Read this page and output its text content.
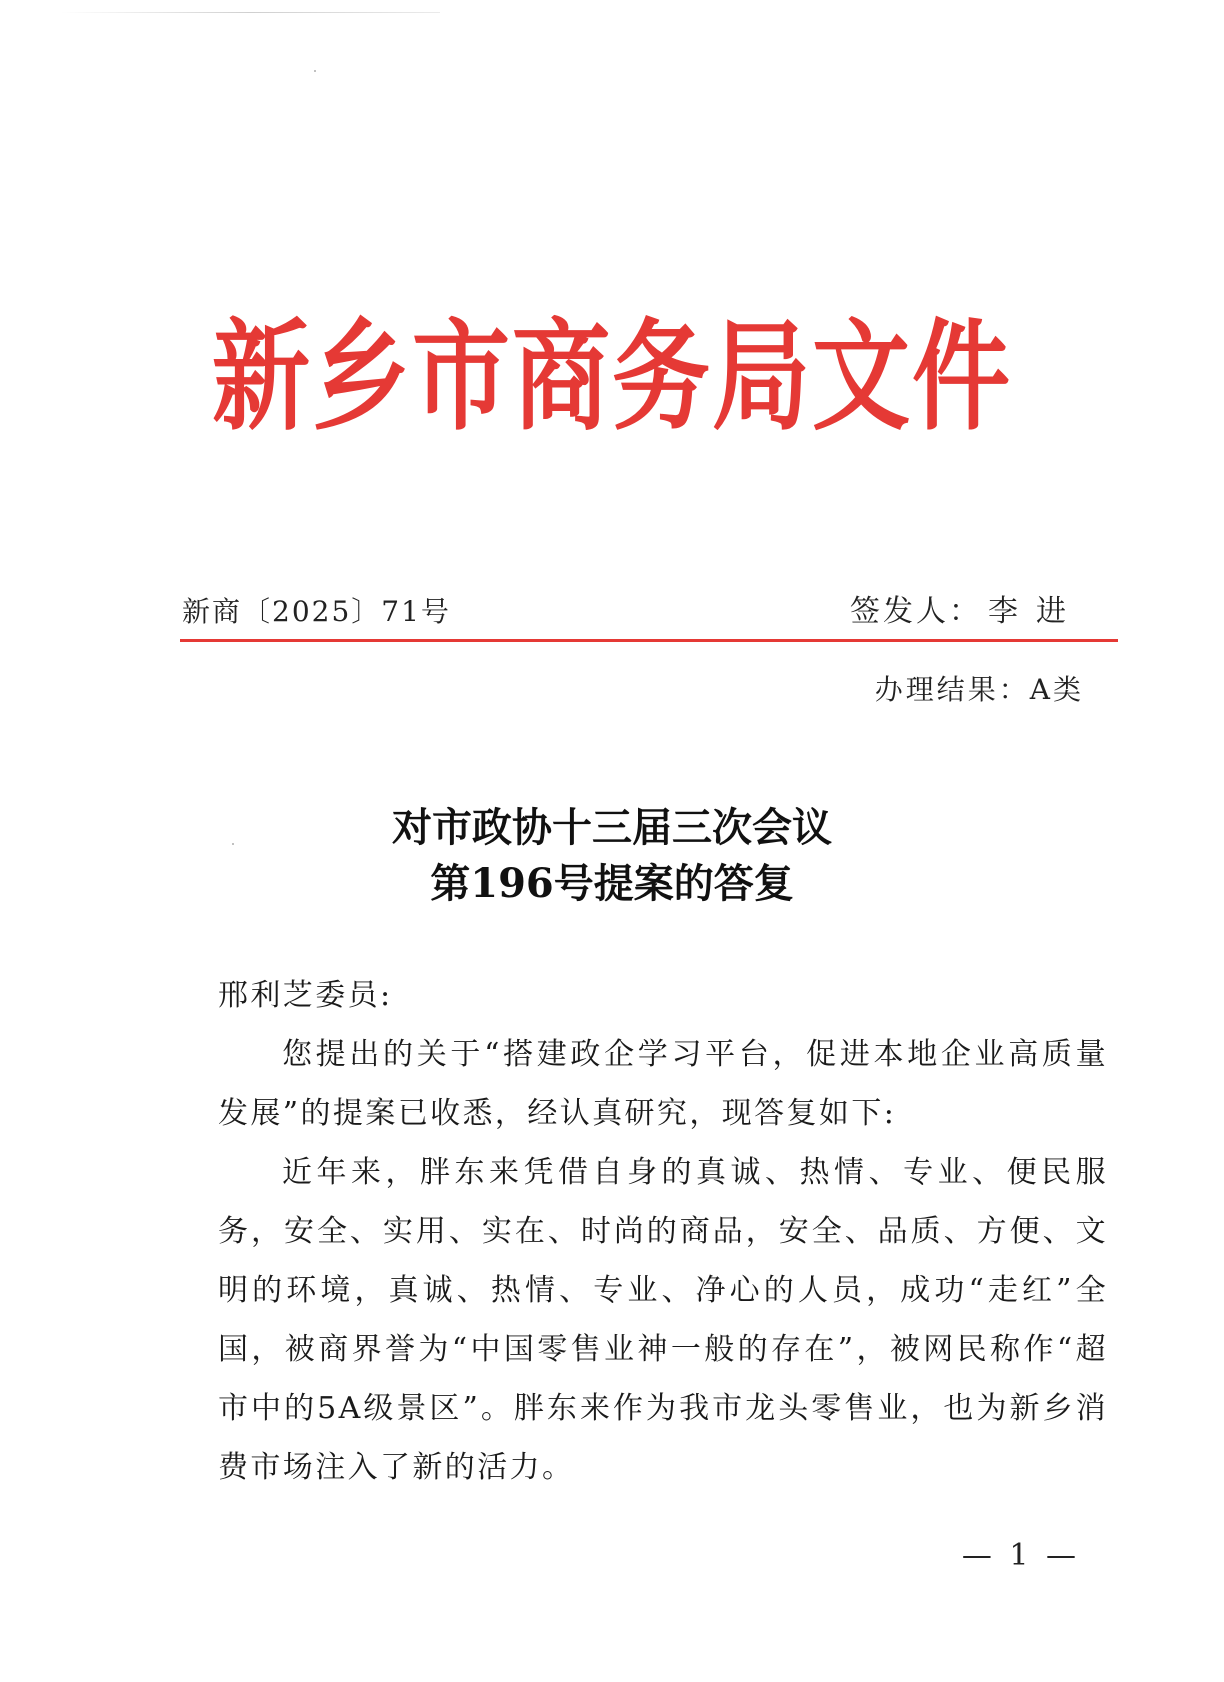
新乡市商务局文件
新商〔2025〕71号	签发人： 李进
办理结果：A类
对市政协十三届三次会议
第196号提案的答复

邢利芝委员:

您提出的关于“搭建政企学习平台，促进本地企业高质量发展”的提案已收悉，经认真研究，现答复如下:

近年来，胖东来凭借自身的真诚、热情、专业、便民服务，安全、实用、实在、时尚的商品，安全、品质、方便、文明的环境，真诚、热情、专业、净心的人员，成功“走红”全国，被商界誉为“中国零售业神一般的存在”，被网民称作“超市中的5A级景区”。胖东来作为我市龙头零售业，也为新乡消费市场注入了新的活力。

— 1 —
